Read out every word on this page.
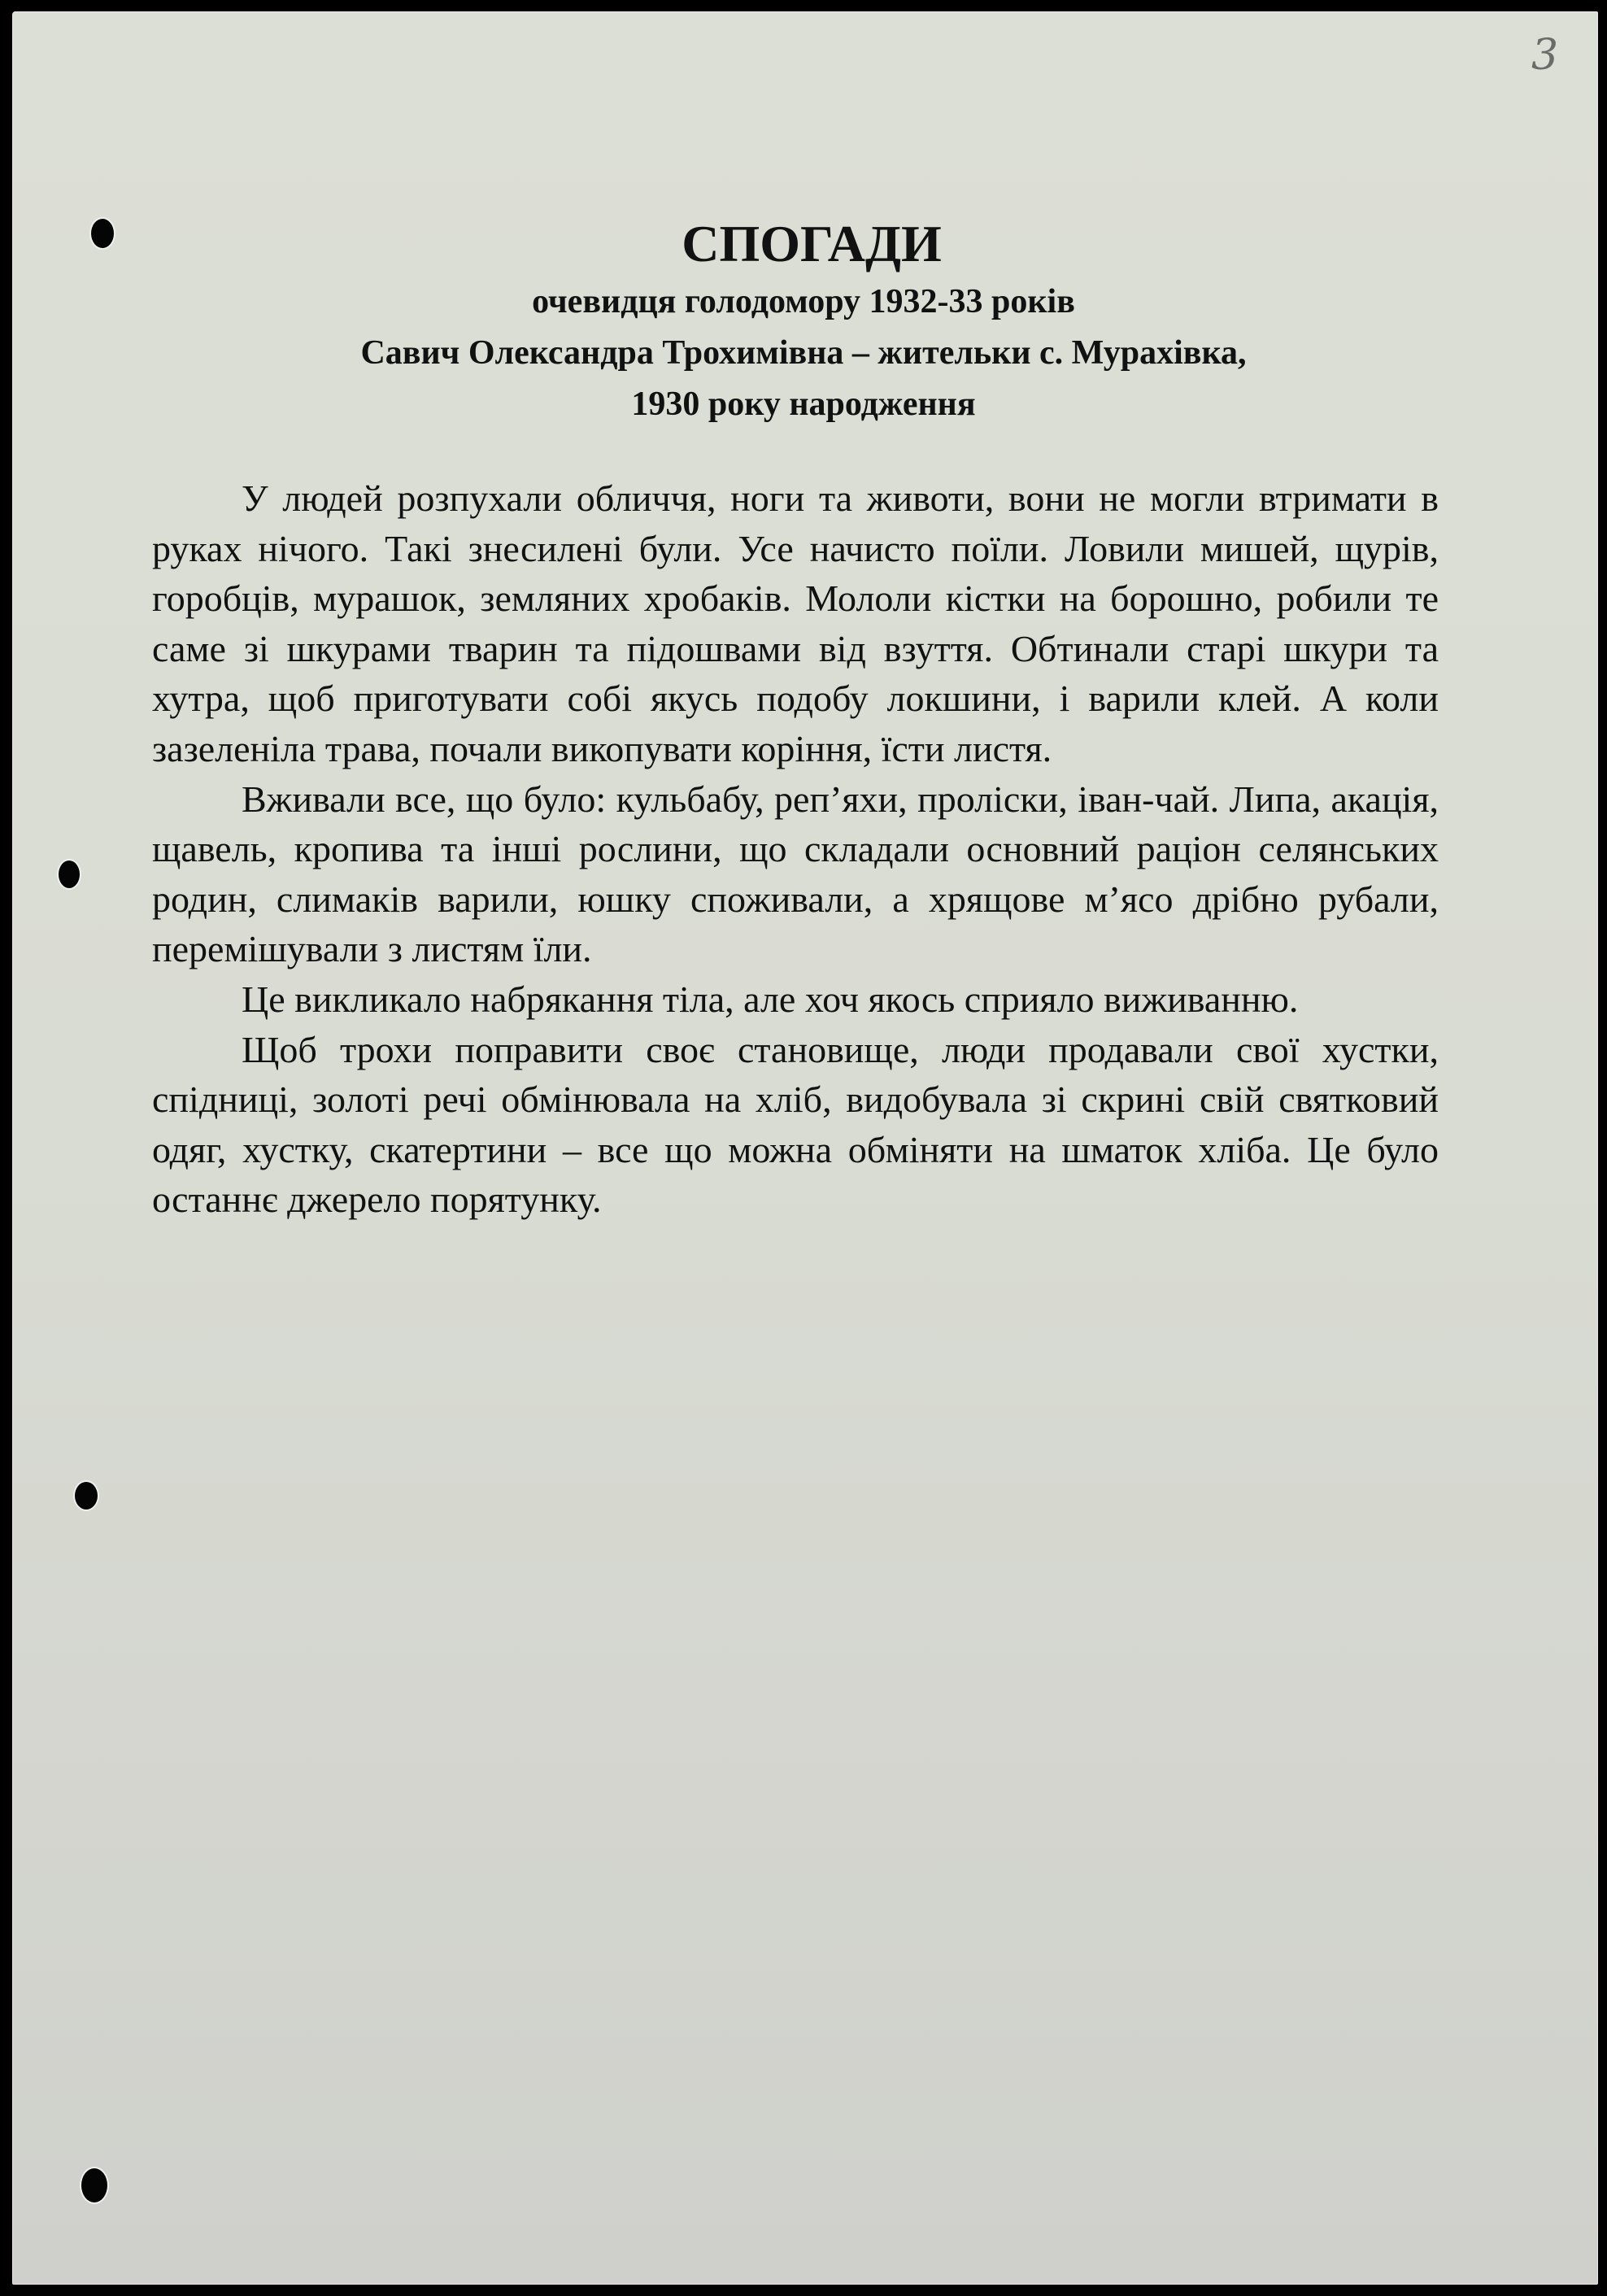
3
СПОГАДИ
очевидця голодомору 1932-33 років
Савич Олександра Трохимівна – жительки с. Мурахівка,
1930 року народження

У людей розпухали обличчя, ноги та животи, вони не могли втримати в руках нічого. Такі знесилені були. Усе начисто поїли. Ловили мишей, щурів, горобців, мурашок, земляних хробаків. Мололи кістки на борошно, робили те саме зі шкурами тварин та підошвами від взуття. Обтинали старі шкури та хутра, щоб приготувати собі якусь подобу локшини, і варили клей. А коли зазеленіла трава, почали викопувати коріння, їсти листя.

Вживали все, що було: кульбабу, реп’яхи, проліски, іван-чай. Липа, акація, щавель, кропива та інші рослини, що складали основний раціон селянських родин, слимаків варили, юшку споживали, а хрящове м’ясо дрібно рубали, перемішували з листям їли.

Це викликало набрякання тіла, але хоч якось сприяло виживанню.

Щоб трохи поправити своє становище, люди продавали свої хустки, спідниці, золоті речі обмінювала на хліб, видобувала зі скрині свій святковий одяг, хустку, скатертини – все що можна обміняти на шматок хліба. Це було останнє джерело порятунку.
